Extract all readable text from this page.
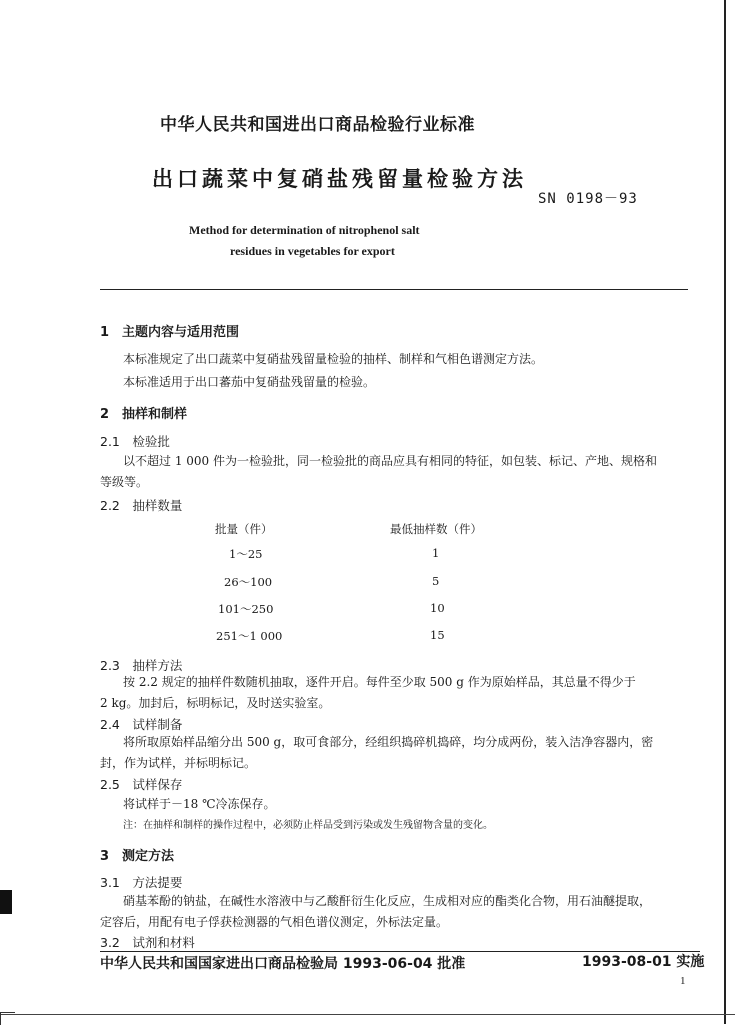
中华人民共和国进出口商品检验行业标准
出口蔬菜中复硝盐残留量检验方法
SN 0198－93
Method for determination of nitrophenol salt
residues in vegetables for export
1　主题内容与适用范围
本标准规定了出口蔬菜中复硝盐残留量检验的抽样、制样和气相色谱测定方法。
本标准适用于出口蕃茄中复硝盐残留量的检验。
2　抽样和制样
2.1　检验批
以不超过 1 000 件为一检验批，同一检验批的商品应具有相同的特征，如包装、标记、产地、规格和
等级等。
2.2　抽样数量
批量（件）	最低抽样数（件）
1～25	1
26～100	5
101～250	10
251～1 000	15
2.3　抽样方法
按 2.2 规定的抽样件数随机抽取，逐件开启。每件至少取 500 g 作为原始样品，其总量不得少于
2 kg。加封后，标明标记，及时送实验室。
2.4　试样制备
将所取原始样品缩分出 500 g，取可食部分，经组织捣碎机捣碎，均分成两份，装入洁净容器内，密
封，作为试样，并标明标记。
2.5　试样保存
将试样于－18 ℃冷冻保存。
注：在抽样和制样的操作过程中，必须防止样品受到污染或发生残留物含量的变化。
3　测定方法
3.1　方法提要
硝基苯酚的钠盐，在碱性水溶液中与乙酸酐衍生化反应，生成相对应的酯类化合物，用石油醚提取，
定容后，用配有电子俘获检测器的气相色谱仪测定，外标法定量。
3.2　试剂和材料
中华人民共和国国家进出口商品检验局 1993-06-04 批准	1993-08-01 实施
1
